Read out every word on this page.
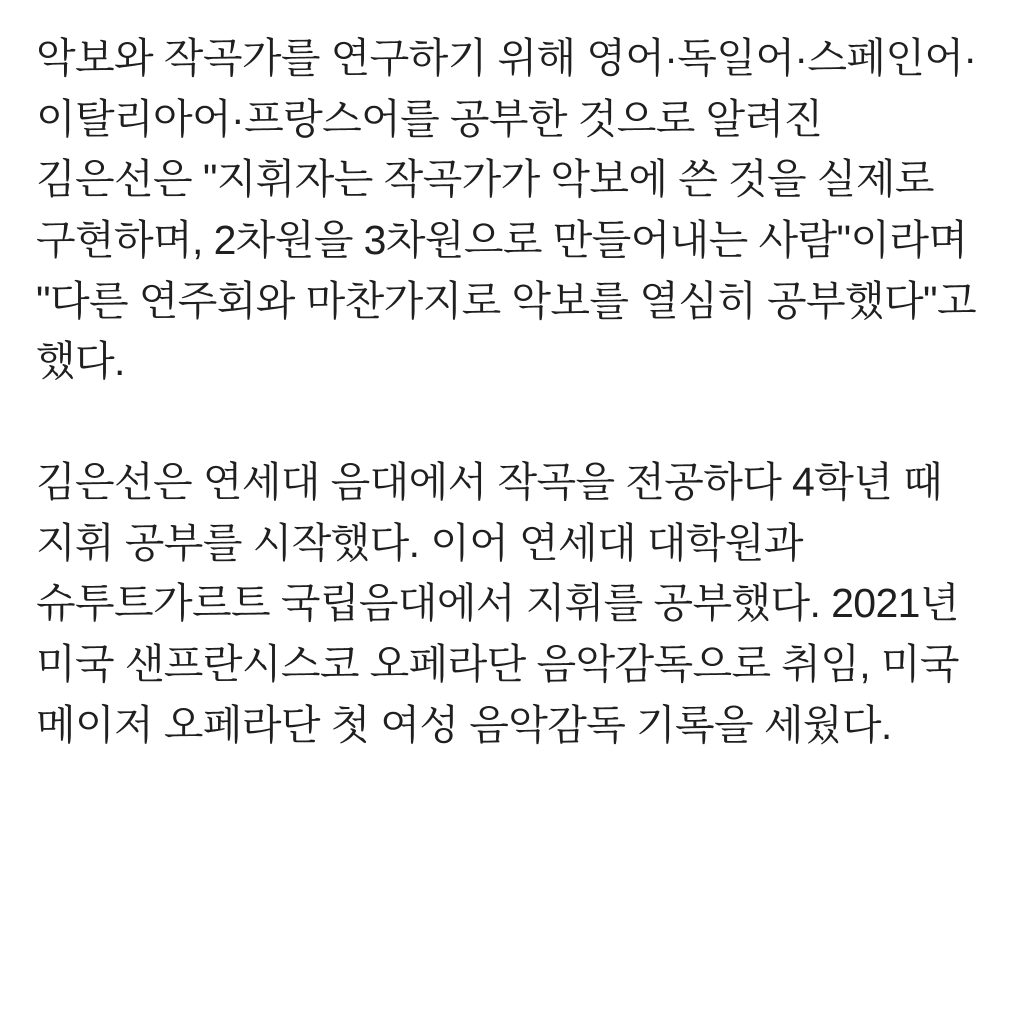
악보와 작곡가를 연구하기 위해 영어·독일어·스페인어·이탈리아어·프랑스어를 공부한 것으로 알려진 김은선은 "지휘자는 작곡가가 악보에 쓴 것을 실제로 구현하며, 2차원을 3차원으로 만들어내는 사람"이라며 "다른 연주회와 마찬가지로 악보를 열심히 공부했다"고 했다.

김은선은 연세대 음대에서 작곡을 전공하다 4학년 때 지휘 공부를 시작했다. 이어 연세대 대학원과 슈투트가르트 국립음대에서 지휘를 공부했다. 2021년 미국 샌프란시스코 오페라단 음악감독으로 취임, 미국 메이저 오페라단 첫 여성 음악감독 기록을 세웠다.
